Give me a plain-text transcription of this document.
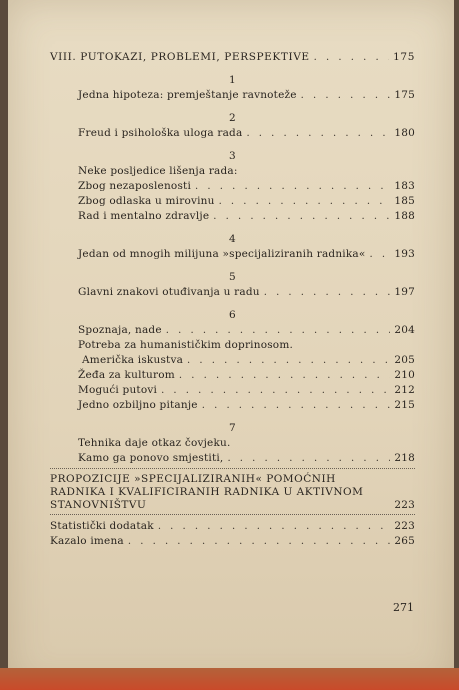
VIII. PUTOKAZI, PROBLEMI, PERSPEKTIVE . . .	175
1
Jedna hipoteza: premještanje ravnoteže . . .	175
2
Freud i psihološka uloga rada . . .	180
3
Neke posljedice lišenja rada:
Zbog nezaposlenosti . . .	183
Zbog odlaska u mirovinu . . .	185
Rad i mentalno zdravlje . . .	188
4
Jedan od mnogih milijuna »specijaliziranih radnika« . . .	193
5
Glavni znakovi otuđivanja u radu . . .	197
6
Spoznaja, nade . . .	204
Potreba za humanističkim doprinosom.
Američka iskustva . . .	205
Žeđa za kulturom . . .	210
Mogući putovi . . .	212
Jedno ozbiljno pitanje . . .	215
7
Tehnika daje otkaz čovjeku.
Kamo ga ponovo smjestiti, . . .	218
PROPOZICIJE »SPECIJALIZIRANIH« POMOĆNIH RADNIKA I KVALIFICIRANIH RADNIKA U AKTIVNOM STANOVNIŠTVU	223
Statistički dodatak . . .	223
Kazalo imena . . .	265
271
